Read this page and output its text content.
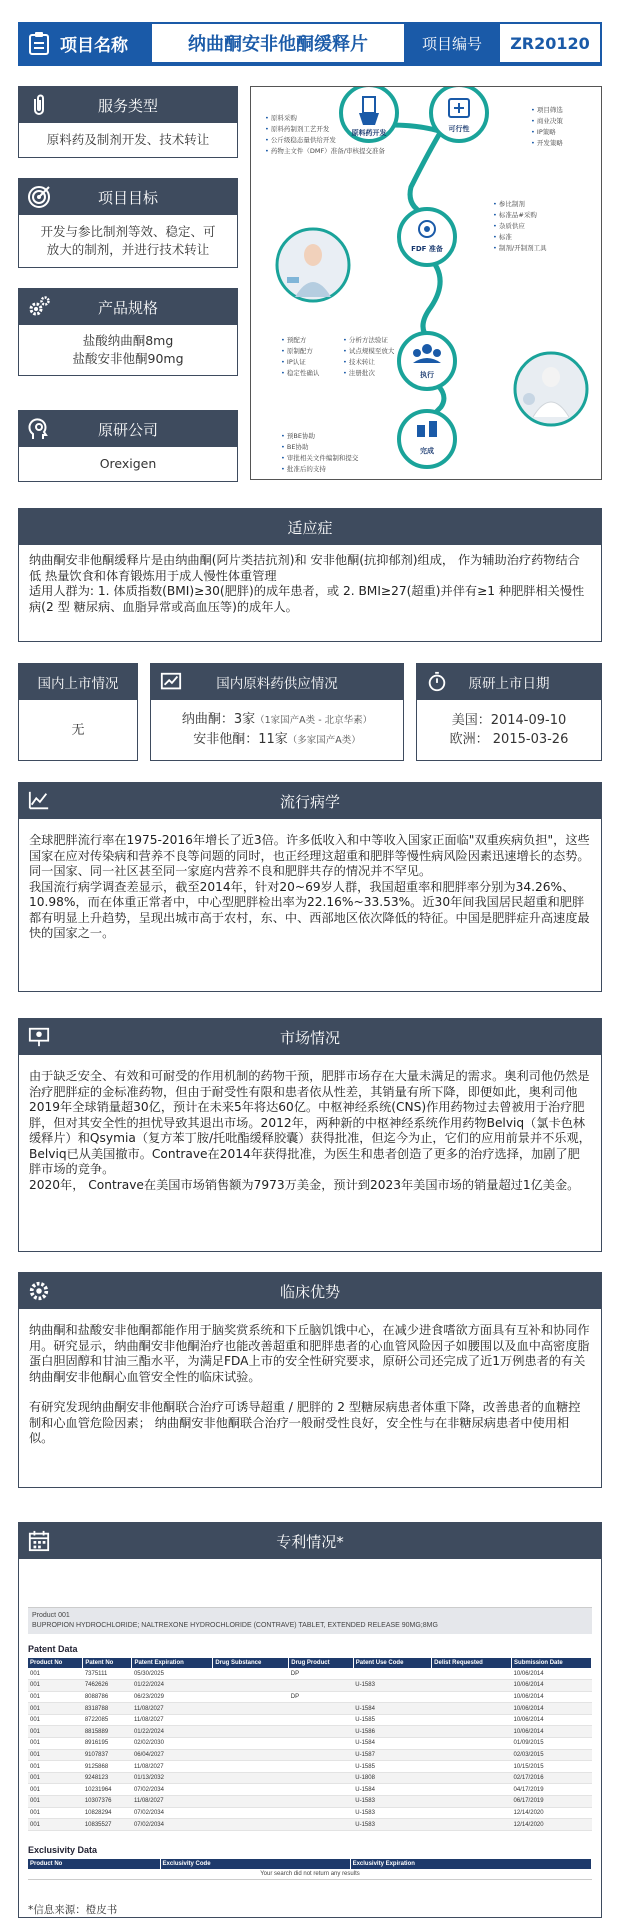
项目名称	纳曲酮安非他酮缓释片	项目编号	ZR20120
服务类型
原料药及制剂开发、技术转让
项目目标
开发与参比制剂等效、稳定、可
放大的制剂，并进行技术转让
产品规格
盐酸纳曲酮8mg
盐酸安非他酮90mg
原研公司
Orexigen
原料药开发	可行性
FDF 准备
执行
完成
• 原料采购
• 原料药制剂工艺开发
• 公斤级稳态量供给开发
• 药物主文件（DMF）准备/审核提交准备
• 项目筛选
• 商业决策
• IP策略
• 开发策略
• 参比制剂
• 标准品#采购
• 杂质供应
• 标准
• 制剂/开制剂工具
• 预配方
• 原制配方
• IP认证
• 稳定性确认
• 分析方法验证
• 试点规模至放大
• 技术转让
• 注册批次
• 预BE协助
• BE协助
• 审批相关文件编制和提交
• 批准后的支持
适应症

纳曲酮安非他酮缓释片是由纳曲酮(阿片类拮抗剂)和 安非他酮(抗抑郁剂)组成， 作为辅助治疗药物结合低 热量饮食和体育锻炼用于成人慢性体重管理

适用人群为: 1. 体质指数(BMI)≥30(肥胖)的成年患者，或 2. BMI≥27(超重)并伴有≥1 种肥胖相关慢性病(2 型 糖尿病、血脂异常或高血压等)的成年人。

国内上市情况
无
国内原料药供应情况
纳曲酮：3家（1家国产A类 - 北京华素）
安非他酮：11家（多家国产A类）
原研上市日期
美国：2014-09-10
欧洲： 2015-03-26
流行病学

全球肥胖流行率在1975-2016年增长了近3倍。许多低收入和中等收入国家正面临"双重疾病负担"，这些国家在应对传染病和营养不良等问题的同时，也正经理这超重和肥胖等慢性病风险因素迅速增长的态势。同一国家、同一社区甚至同一家庭内营养不良和肥胖共存的情况并不罕见。

我国流行病学调查差显示，截至2014年，针对20~69岁人群，我国超重率和肥胖率分别为34.26%、10.98%，而在体重正常者中，中心型肥胖检出率为22.16%~33.53%。近30年间我国居民超重和肥胖都有明显上升趋势，呈现出城市高于农村，东、中、西部地区依次降低的特征。中国是肥胖症升高速度最快的国家之一。

市场情况

由于缺乏安全、有效和可耐受的作用机制的药物干预，肥胖市场存在大量未满足的需求。奥利司他仍然是治疗肥胖症的金标准药物，但由于耐受性有限和患者依从性差，其销量有所下降，即便如此，奥利司他2019年全球销量超30亿，预计在未来5年将达60亿。中枢神经系统(CNS)作用药物过去曾被用于治疗肥胖，但对其安全性的担忧导致其退出市场。2012年，两种新的中枢神经系统作用药物Belviq（氯卡色林缓释片）和Qsymia（复方苯丁胺/托吡酯缓释胶囊）获得批准，但迄今为止，它们的应用前景并不乐观，Belviq已从美国撤市。Contrave在2014年获得批准，为医生和患者创造了更多的治疗选择，加剧了肥胖市场的竞争。

2020年， Contrave在美国市场销售额为7973万美金，预计到2023年美国市场的销量超过1亿美金。

临床优势

纳曲酮和盐酸安非他酮都能作用于脑奖赏系统和下丘脑饥饿中心，在减少进食嗜欲方面具有互补和协同作用。研究显示，纳曲酮安非他酮治疗也能改善超重和肥胖患者的心血管风险因子如腰围以及血中高密度脂蛋白胆固醇和甘油三酯水平，为满足FDA上市的安全性研究要求，原研公司还完成了近1万例患者的有关纳曲酮安非他酮心血管安全性的临床试验。

有研究发现纳曲酮安非他酮联合治疗可诱导超重 / 肥胖的 2 型糖尿病患者体重下降，改善患者的血糖控制和心血管危险因素； 纳曲酮安非他酮联合治疗一般耐受性良好，安全性与在非糖尿病患者中使用相似。

专利情况*
Product 001
BUPROPION HYDROCHLORIDE; NALTREXONE HYDROCHLORIDE (CONTRAVE) TABLET, EXTENDED RELEASE 90MG;8MG
Patent Data
Product No	Patent No	Patent Expiration	Drug Substance	Drug Product	Patent Use Code	Delist Requested	Submission Date
001	7375111	05/30/2025		DP			10/06/2014
001	7462626	01/22/2024			U-1583		10/06/2014
001	8088786	06/23/2029		DP			10/06/2014
001	8318788	11/08/2027			U-1584		10/06/2014
001	8722085	11/08/2027			U-1585		10/06/2014
001	8815889	01/22/2024			U-1586		10/06/2014
001	8916195	02/02/2030			U-1584		01/09/2015
001	9107837	06/04/2027			U-1587		02/03/2015
001	9125868	11/08/2027			U-1585		10/15/2015
001	9248123	01/13/2032			U-1808		02/17/2016
001	10231964	07/02/2034			U-1584		04/17/2019
001	10307376	11/08/2027			U-1583		06/17/2019
001	10828294	07/02/2034			U-1583		12/14/2020
001	10835527	07/02/2034			U-1583		12/14/2020
Exclusivity Data
Product No	Exclusivity Code	Exclusivity Expiration
Your search did not return any results
*信息来源：橙皮书
